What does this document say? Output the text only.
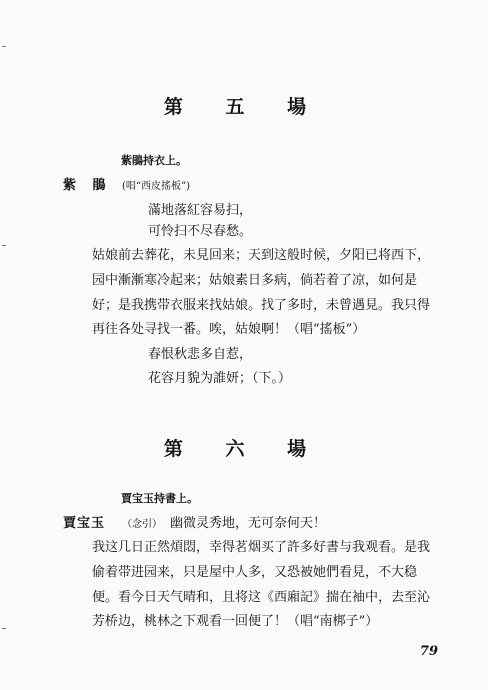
第 五 場
紫鵑持衣上。
紫 鵑 (唱“西皮搖板”)
滿地落紅容易扫，
可怜扫不尽春愁。
姑娘前去葬花，未見回来；天到这般时候，夕阳已将西下，
园中漸漸寒冷起来；姑娘素日多病，倘若着了凉，如何是
好；是我携带衣服来找姑娘。找了多时，未曾遇見。我只得
再往各处寻找一番。唉，姑娘啊！（唱“搖板”）
春恨秋悲多自惹，
花容月貌为誰妍；（下。）
第 六 場
賈宝玉持書上。
賈宝玉 （念引） 幽微灵秀地，无可奈何天！
我这几日正然煩悶，幸得茗烟买了許多好書与我观看。是我
偷着带进园来，只是屋中人多，又恐被她們看見，不大稳
便。看今日天气晴和，且将这《西廂記》揣在袖中，去至沁
芳桥边，桃林之下观看一回便了！（唱“南梆子”）
79
